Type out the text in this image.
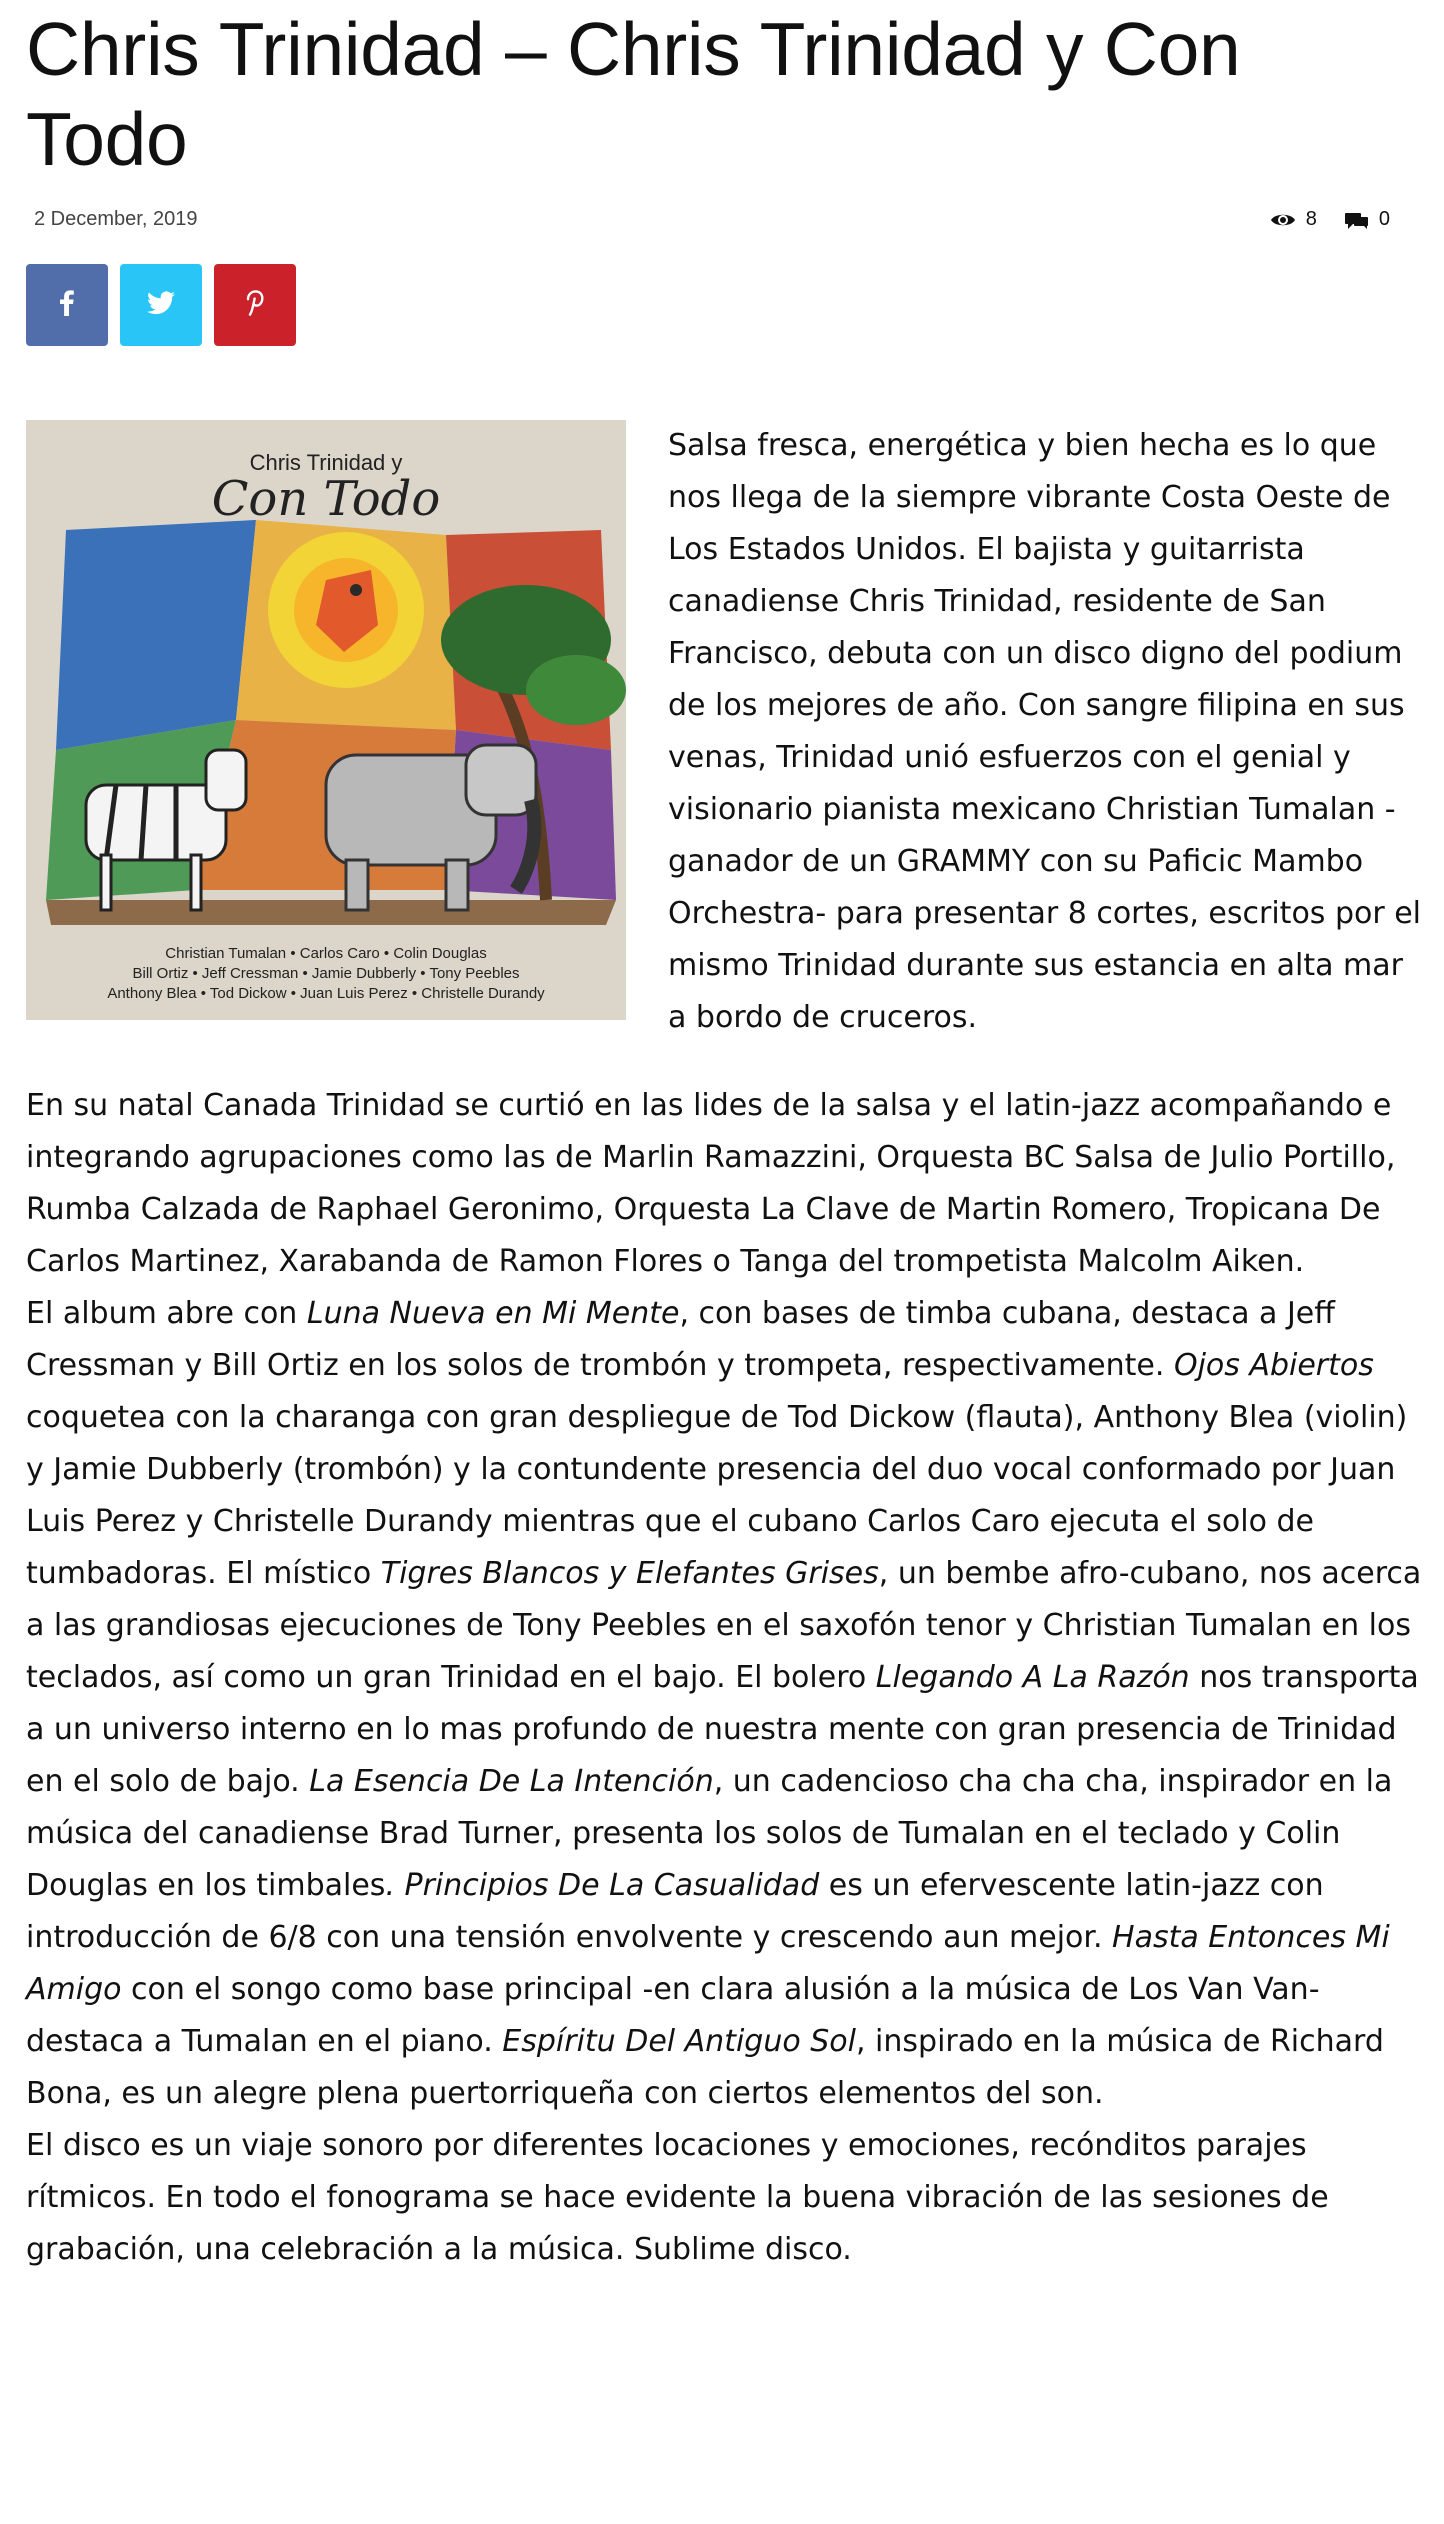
Chris Trinidad – Chris Trinidad y Con Todo
2 December, 2019	8	0
Chris Trinidad y
Con Todo
Christian Tumalan • Carlos Caro • Colin Douglas
Bill Ortiz • Jeff Cressman • Jamie Dubberly • Tony Peebles
Anthony Blea • Tod Dickow • Juan Luis Perez • Christelle Durandy

Salsa fresca, energética y bien hecha es lo que nos llega de la siempre vibrante Costa Oeste de Los Estados Unidos. El bajista y guitarrista canadiense Chris Trinidad, residente de San Francisco, debuta con un disco digno del podium de los mejores de año. Con sangre filipina en sus venas, Trinidad unió esfuerzos con el genial y visionario pianista mexicano Christian Tumalan -ganador de un GRAMMY con su Paficic Mambo Orchestra- para presentar 8 cortes, escritos por el mismo Trinidad durante sus estancia en alta mar a bordo de cruceros.

En su natal Canada Trinidad se curtió en las lides de la salsa y el latin-jazz acompañando e integrando agrupaciones como las de Marlin Ramazzini, Orquesta BC Salsa de Julio Portillo, Rumba Calzada de Raphael Geronimo, Orquesta La Clave de Martin Romero, Tropicana De Carlos Martinez, Xarabanda de Ramon Flores o Tanga del trompetista Malcolm Aiken.

El album abre con Luna Nueva en Mi Mente, con bases de timba cubana, destaca a Jeff Cressman y Bill Ortiz en los solos de trombón y trompeta, respectivamente. Ojos Abiertos coquetea con la charanga con gran despliegue de Tod Dickow (flauta), Anthony Blea (violin) y Jamie Dubberly (trombón) y la contundente presencia del duo vocal conformado por Juan Luis Perez y Christelle Durandy mientras que el cubano Carlos Caro ejecuta el solo de tumbadoras. El místico Tigres Blancos y Elefantes Grises, un bembe afro-cubano, nos acerca a las grandiosas ejecuciones de Tony Peebles en el saxofón tenor y Christian Tumalan en los teclados, así como un gran Trinidad en el bajo. El bolero Llegando A La Razón nos transporta a un universo interno en lo mas profundo de nuestra mente con gran presencia de Trinidad en el solo de bajo. La Esencia De La Intención, un cadencioso cha cha cha, inspirador en la música del canadiense Brad Turner, presenta los solos de Tumalan en el teclado y Colin Douglas en los timbales. Principios De La Casualidad es un efervescente latin-jazz con introducción de 6/8 con una tensión envolvente y crescendo aun mejor. Hasta Entonces Mi Amigo con el songo como base principal -en clara alusión a la música de Los Van Van- destaca a Tumalan en el piano. Espíritu Del Antiguo Sol, inspirado en la música de Richard Bona, es un alegre plena puertorriqueña con ciertos elementos del son.

El disco es un viaje sonoro por diferentes locaciones y emociones, recónditos parajes rítmicos. En todo el fonograma se hace evidente la buena vibración de las sesiones de grabación, una celebración a la música. Sublime disco.
